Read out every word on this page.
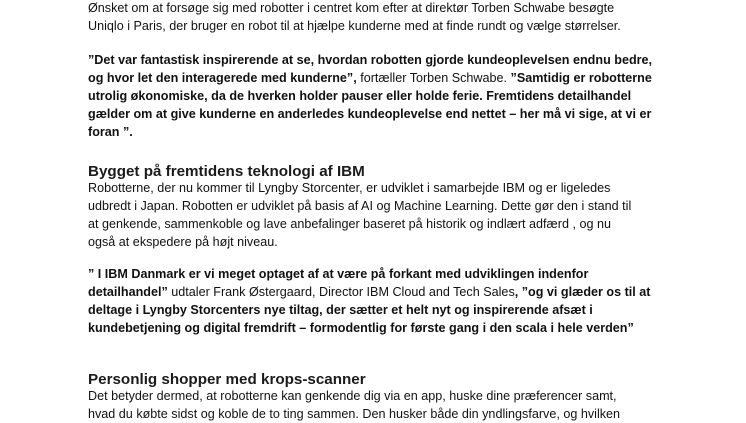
Ønsket om at forsøge sig med robotter i centret kom efter at direktør Torben Schwabe besøgte
Uniqlo i Paris, der bruger en robot til at hjælpe kunderne med at finde rundt og vælge størrelser.

”Det var fantastisk inspirerende at se, hvordan robotten gjorde kundeoplevelsen endnu bedre,
og hvor let den interagerede med kunderne”, fortæller Torben Schwabe. ”Samtidig er robotterne
utrolig økonomiske, da de hverken holder pauser eller holde ferie. Fremtidens detailhandel
gælder om at give kunderne en anderledes kundeoplevelse end nettet – her må vi sige, at vi er
foran ”.

Bygget på fremtidens teknologi af IBM

Robotterne, der nu kommer til Lyngby Storcenter, er udviklet i samarbejde IBM og er ligeledes
udbredt i Japan. Robotten er udviklet på basis af AI og Machine Learning. Dette gør den i stand til
at genkende, sammenkoble og lave anbefalinger baseret på historik og indlært adfærd , og nu
også at ekspedere på højt niveau.

” I IBM Danmark er vi meget optaget af at være på forkant med udviklingen indenfor
detailhandel” udtaler Frank Østergaard, Director IBM Cloud and Tech Sales, ”og vi glæder os til at
deltage i Lyngby Storcenters nye tiltag, der sætter et helt nyt og inspirerende afsæt i
kundebetjening og digital fremdrift – formodentlig for første gang i den scala i hele verden”

Personlig shopper med krops-scanner

Det betyder dermed, at robotterne kan genkende dig via en app, huske dine præferencer samt,
hvad du købte sidst og koble de to ting sammen. Den husker både din yndlingsfarve, og hvilken
